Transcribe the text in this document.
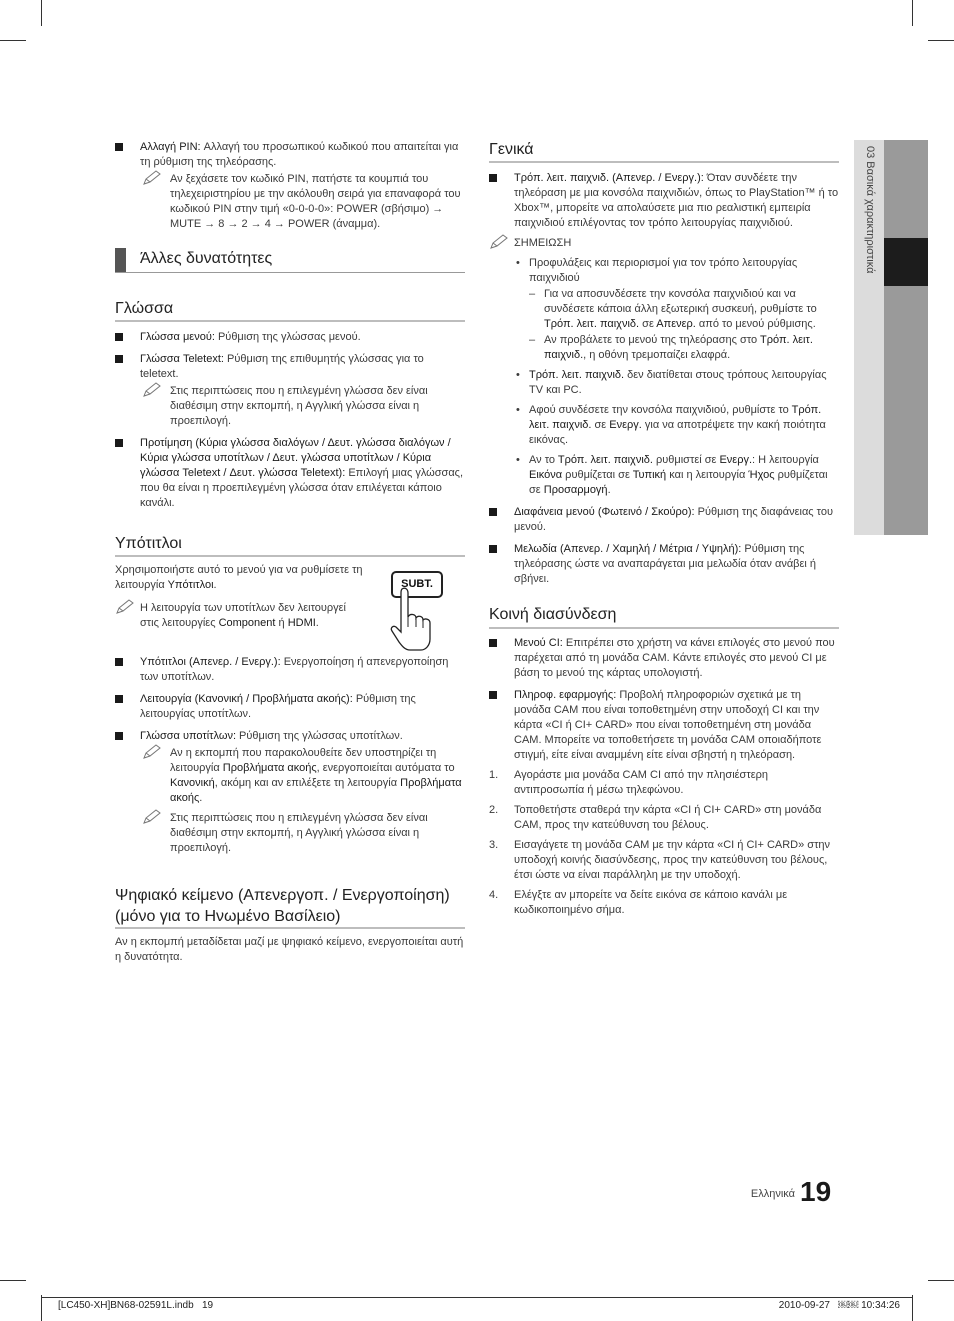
03 Βασικά χαρακτηριστικά
Αλλαγή PIN: Αλλαγή του προσωπικού κωδικού που απαιτείται για τη ρύθμιση της τηλεόρασης.
Αν ξεχάσετε τον κωδικό PIN, πατήστε τα κουμπιά του τηλεχειριστηρίου με την ακόλουθη σειρά για επαναφορά του κωδικού PIN στην τιμή «0-0-0-0»: POWER (σβήσιμο) → MUTE → 8 → 2 → 4 → POWER (άναμμα).
Άλλες δυνατότητες
Γλώσσα
Γλώσσα μενού: Ρύθμιση της γλώσσας μενού.
Γλώσσα Teletext: Ρύθμιση της επιθυμητής γλώσσας για το teletext.
Στις περιπτώσεις που η επιλεγμένη γλώσσα δεν είναι διαθέσιμη στην εκπομπή, η Αγγλική γλώσσα είναι η προεπιλογή.
Προτίμηση (Κύρια γλώσσα διαλόγων / Δευτ. γλώσσα διαλόγων / Κύρια γλώσσα υποτίτλων / Δευτ. γλώσσα υποτίτλων / Κύρια γλώσσα Teletext / Δευτ. γλώσσα Teletext): Επιλογή μιας γλώσσας, που θα είναι η προεπιλεγμένη γλώσσα όταν επιλέγεται κάποιο κανάλι.
Υπότιτλοι
Χρησιμοποιήστε αυτό το μενού για να ρυθμίσετε τη λειτουργία Υπότιτλοι.
Η λειτουργία των υποτίτλων δεν λειτουργεί στις λειτουργίες Component ή HDMI.
SUBT.
Υπότιτλοι (Απενερ. / Ενεργ.): Ενεργοποίηση ή απενεργοποίηση των υποτίτλων.
Λειτουργία (Κανονική / Προβλήματα ακοής): Ρύθμιση της λειτουργίας υποτίτλων.
Γλώσσα υποτίτλων: Ρύθμιση της γλώσσας υποτίτλων.
Αν η εκπομπή που παρακολουθείτε δεν υποστηρίζει τη λειτουργία Προβλήματα ακοής, ενεργοποιείται αυτόματα το Κανονική, ακόμη και αν επιλέξετε τη λειτουργία Προβλήματα ακοής.
Στις περιπτώσεις που η επιλεγμένη γλώσσα δεν είναι διαθέσιμη στην εκπομπή, η Αγγλική γλώσσα είναι η προεπιλογή.
Ψηφιακό κείμενο (Απενεργοπ. / Ενεργοποίηση) (μόνο για το Ηνωμένο Βασίλειο)
Αν η εκπομπή μεταδίδεται μαζί με ψηφιακό κείμενο, ενεργοποιείται αυτή η δυνατότητα.
Γενικά
Τρόπ. λειτ. παιχνιδ. (Απενερ. / Ενεργ.): Όταν συνδέετε την τηλεόραση με μια κονσόλα παιχνιδιών, όπως το PlayStation™ ή το Xbox™, μπορείτε να απολαύσετε μια πιο ρεαλιστική εμπειρία παιχνιδιού επιλέγοντας τον τρόπο λειτουργίας παιχνιδιού.
ΣΗΜΕΙΩΣΗ
• Προφυλάξεις και περιορισμοί για τον τρόπο λειτουργίας παιχνιδιού
– Για να αποσυνδέσετε την κονσόλα παιχνιδιού και να συνδέσετε κάποια άλλη εξωτερική συσκευή, ρυθμίστε το Τρόπ. λειτ. παιχνιδ. σε Απενερ. από το μενού ρύθμισης.
– Αν προβάλετε το μενού της τηλεόρασης στο Τρόπ. λειτ. παιχνιδ., η οθόνη τρεμοπαίζει ελαφρά.
• Τρόπ. λειτ. παιχνιδ. δεν διατίθεται στους τρόπους λειτουργίας TV και PC.
• Αφού συνδέσετε την κονσόλα παιχνιδιού, ρυθμίστε το Τρόπ. λειτ. παιχνιδ. σε Ενεργ. για να αποτρέψετε την κακή ποιότητα εικόνας.
• Αν το Τρόπ. λειτ. παιχνιδ. ρυθμιστεί σε Ενεργ.: Η λειτουργία Εικόνα ρυθμίζεται σε Τυπική και η λειτουργία Ήχος ρυθμίζεται σε Προσαρμογή.
Διαφάνεια μενού (Φωτεινό / Σκούρο): Ρύθμιση της διαφάνειας του μενού.
Μελωδία (Απενερ. / Χαμηλή / Μέτρια / Υψηλή): Ρύθμιση της τηλεόρασης ώστε να αναπαράγεται μια μελωδία όταν ανάβει ή σβήνει.
Κοινή διασύνδεση
Μενού CI: Επιτρέπει στο χρήστη να κάνει επιλογές στο μενού που παρέχεται από τη μονάδα CAM. Κάντε επιλογές στο μενού CI με βάση το μενού της κάρτας υπολογιστή.
Πληροφ. εφαρμογής: Προβολή πληροφοριών σχετικά με τη μονάδα CAM που είναι τοποθετημένη στην υποδοχή CI και την κάρτα «CI ή CI+ CARD» που είναι τοποθετημένη στη μονάδα CAM. Μπορείτε να τοποθετήσετε τη μονάδα CAM οποιαδήποτε στιγμή, είτε είναι αναμμένη είτε είναι σβηστή η τηλεόραση.
1. Αγοράστε μια μονάδα CAM CI από την πλησιέστερη αντιπροσωπία ή μέσω τηλεφώνου.
2. Τοποθετήστε σταθερά την κάρτα «CI ή CI+ CARD» στη μονάδα CAM, προς την κατεύθυνση του βέλους.
3. Εισαγάγετε τη μονάδα CAM με την κάρτα «CI ή CI+ CARD» στην υποδοχή κοινής διασύνδεσης, προς την κατεύθυνση του βέλους, έτσι ώστε να είναι παράλληλη με την υποδοχή.
4. Ελέγξτε αν μπορείτε να δείτε εικόνα σε κάποιο κανάλι με κωδικοποιημένο σήμα.
Ελληνικά 19
[LC450-XH]BN68-02591L.indb   19	2010-09-27   ￼￼ 10:34:26
